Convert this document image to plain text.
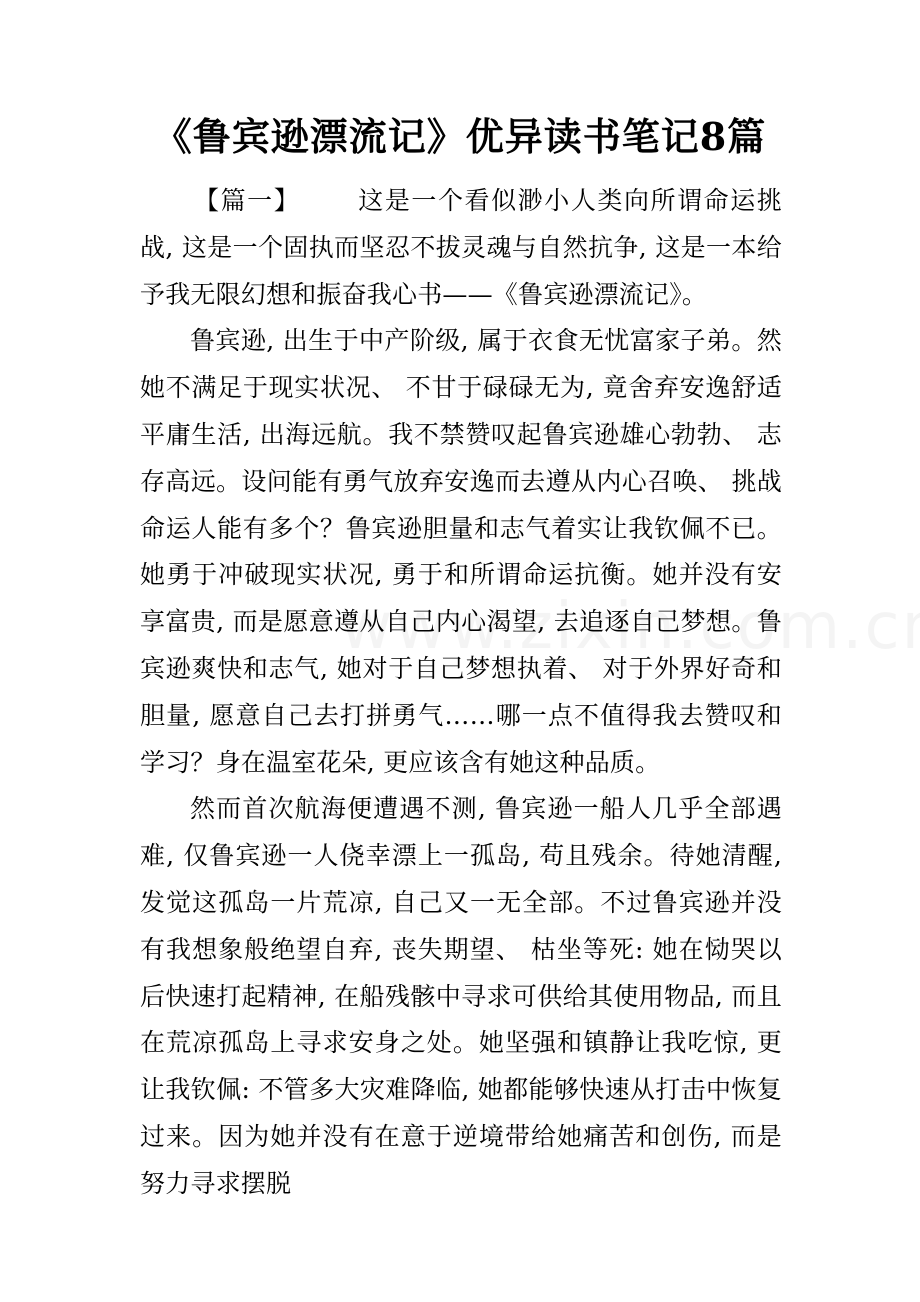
《鲁宾逊漂流记》优异读书笔记8篇

【篇一】 这是一个看似渺小人类向所谓命运挑战, 这是一个固执而坚忍不拔灵魂与自然抗争, 这是一本给予我无限幻想和振奋我心书——《鲁宾逊漂流记》。

鲁宾逊, 出生于中产阶级, 属于衣食无忧富家子弟。然她不满足于现实状况、 不甘于碌碌无为, 竟舍弃安逸舒适平庸生活, 出海远航。我不禁赞叹起鲁宾逊雄心勃勃、 志存高远。设问能有勇气放弃安逸而去遵从内心召唤、 挑战命运人能有多个？鲁宾逊胆量和志气着实让我钦佩不已。她勇于冲破现实状况, 勇于和所谓命运抗衡。她并没有安享富贵, 而是愿意遵从自己内心渴望, 去追逐自己梦想。鲁宾逊爽快和志气, 她对于自己梦想执着、 对于外界好奇和胆量, 愿意自己去打拼勇气……哪一点不值得我去赞叹和学习？身在温室花朵, 更应该含有她这种品质。

然而首次航海便遭遇不测, 鲁宾逊一船人几乎全部遇难, 仅鲁宾逊一人侥幸漂上一孤岛, 苟且残余。待她清醒, 发觉这孤岛一片荒凉, 自己又一无全部。不过鲁宾逊并没有我想象般绝望自弃, 丧失期望、 枯坐等死: 她在恸哭以后快速打起精神, 在船残骸中寻求可供给其使用物品, 而且在荒凉孤岛上寻求安身之处。她坚强和镇静让我吃惊, 更让我钦佩: 不管多大灾难降临, 她都能够快速从打击中恢复过来。因为她并没有在意于逆境带给她痛苦和创伤, 而是努力寻求摆脱
